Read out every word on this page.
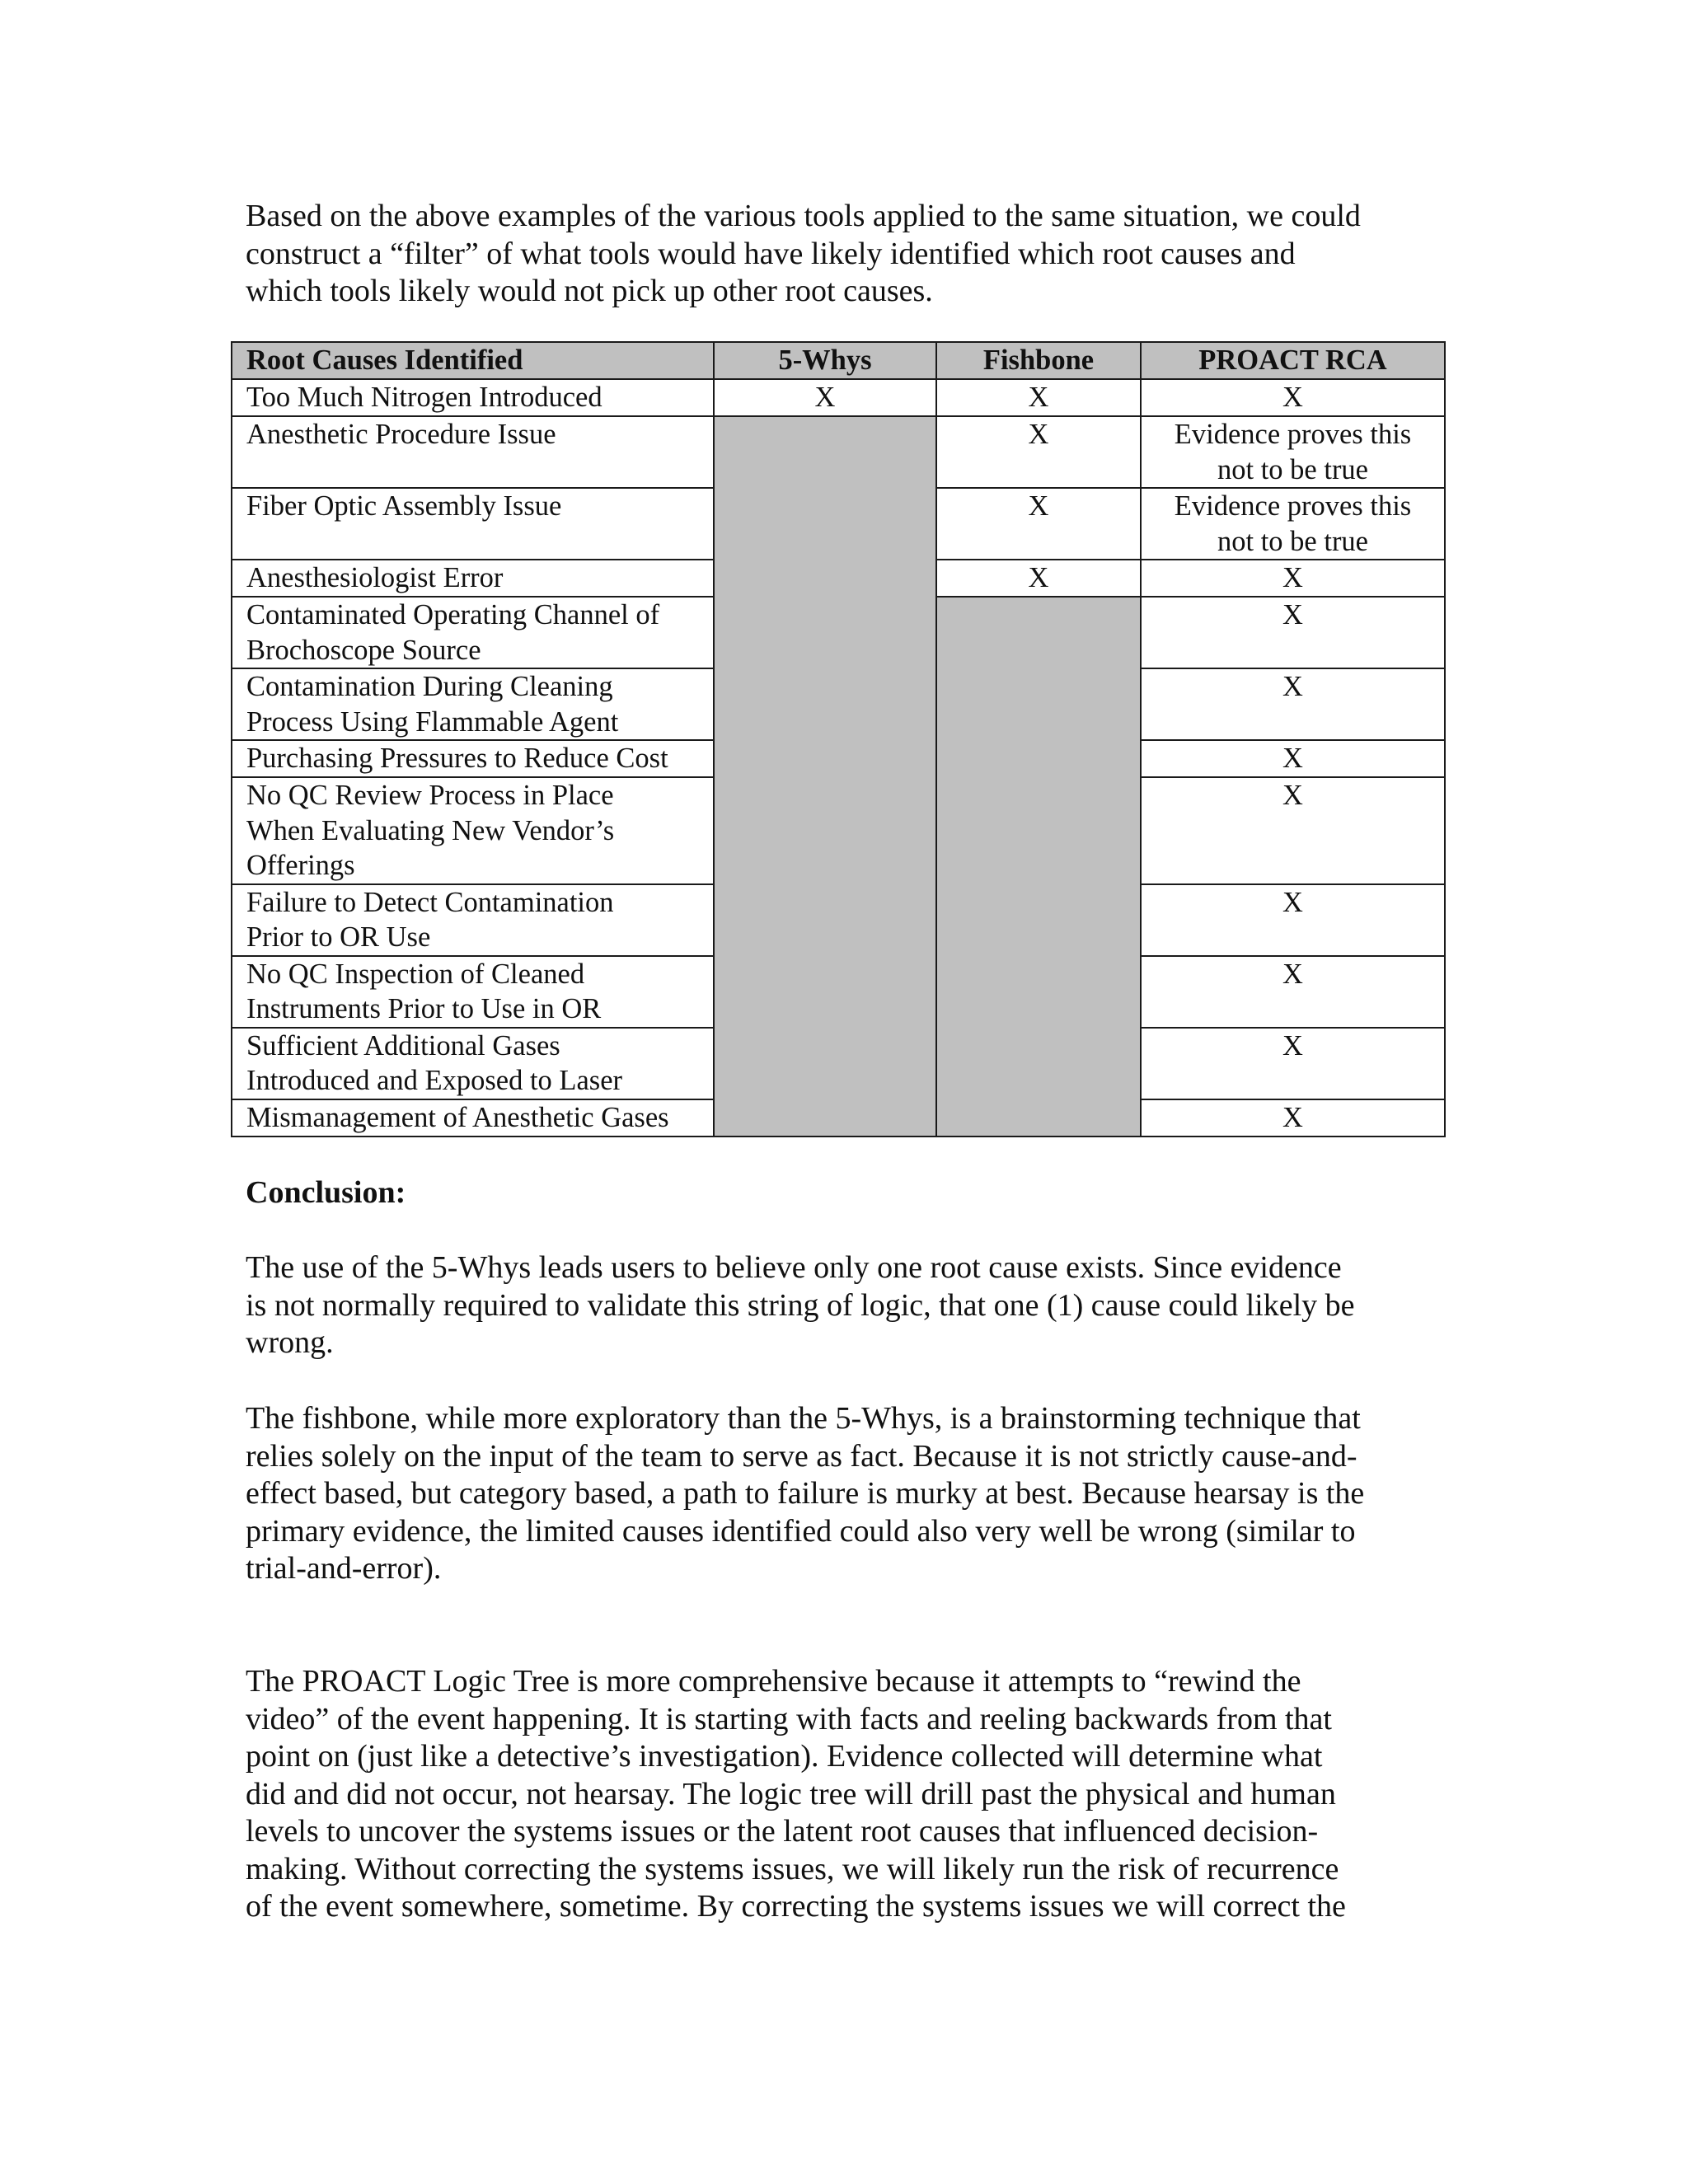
Based on the above examples of the various tools applied to the same situation, we could
construct a “filter” of what tools would have likely identified which root causes and
which tools likely would not pick up other root causes.
Root Causes Identified	5-Whys	Fishbone	PROACT RCA

Too Much Nitrogen Introduced	X	X	X

Anesthetic Procedure Issue		X	Evidence proves this
not to be true

Fiber Optic Assembly Issue		X	Evidence proves this
not to be true

Anesthesiologist Error		X	X

Contaminated Operating Channel of
Brochoscope Source			X

Contamination During Cleaning
Process Using Flammable Agent			X

Purchasing Pressures to Reduce Cost			X

No QC Review Process in Place
When Evaluating New Vendor’s
Offerings			X

Failure to Detect Contamination
Prior to OR Use			X

No QC Inspection of Cleaned
Instruments Prior to Use in OR			X

Sufficient Additional Gases
Introduced and Exposed to Laser			X

Mismanagement of Anesthetic Gases			X
Conclusion:
The use of the 5-Whys leads users to believe only one root cause exists. Since evidence
is not normally required to validate this string of logic, that one (1) cause could likely be
wrong.
The fishbone, while more exploratory than the 5-Whys, is a brainstorming technique that
relies solely on the input of the team to serve as fact. Because it is not strictly cause-and-
effect based, but category based, a path to failure is murky at best. Because hearsay is the
primary evidence, the limited causes identified could also very well be wrong (similar to
trial-and-error).
The PROACT Logic Tree is more comprehensive because it attempts to “rewind the
video” of the event happening. It is starting with facts and reeling backwards from that
point on (just like a detective’s investigation). Evidence collected will determine what
did and did not occur, not hearsay. The logic tree will drill past the physical and human
levels to uncover the systems issues or the latent root causes that influenced decision-
making. Without correcting the systems issues, we will likely run the risk of recurrence
of the event somewhere, sometime. By correcting the systems issues we will correct the
